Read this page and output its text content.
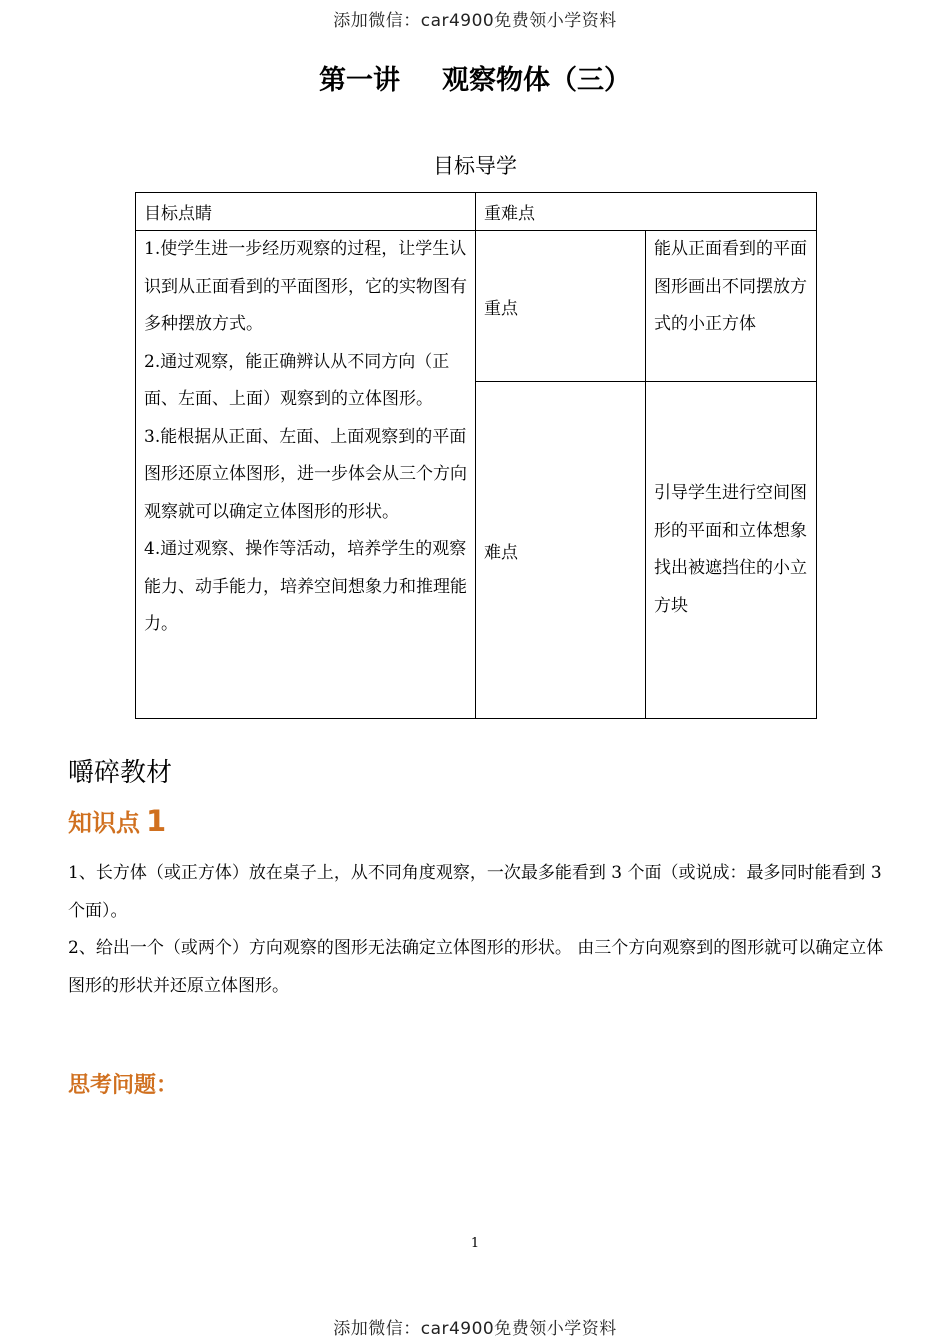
添加微信：car4900免费领小学资料
第一讲 观察物体（三）
目标导学
目标点睛	重难点	

1.使学生进一步经历观察的过程，让学生认识到从正面看到的平面图形，它的实物图有多种摆放方式。

2.通过观察，能正确辨认从不同方向（正面、左面、上面）观察到的立体图形。

3.能根据从正面、左面、上面观察到的平面图形还原立体图形，进一步体会从三个方向观察就可以确定立体图形的形状。

4.通过观察、操作等活动，培养学生的观察能力、动手能力，培养空间想象力和推理能力。	重点	能从正面看到的平面图形画出不同摆放方式的小正方体
	难点	引导学生进行空间图形的平面和立体想象找出被遮挡住的小立方块
嚼碎教材
知识点 1

1、长方体（或正方体）放在桌子上，从不同角度观察，一次最多能看到 3 个面（或说成：最多同时能看到 3 个面）。

2、给出一个（或两个）方向观察的图形无法确定立体图形的形状。 由三个方向观察到的图形就可以确定立体图形的形状并还原立体图形。

思考问题：
1
添加微信：car4900免费领小学资料
